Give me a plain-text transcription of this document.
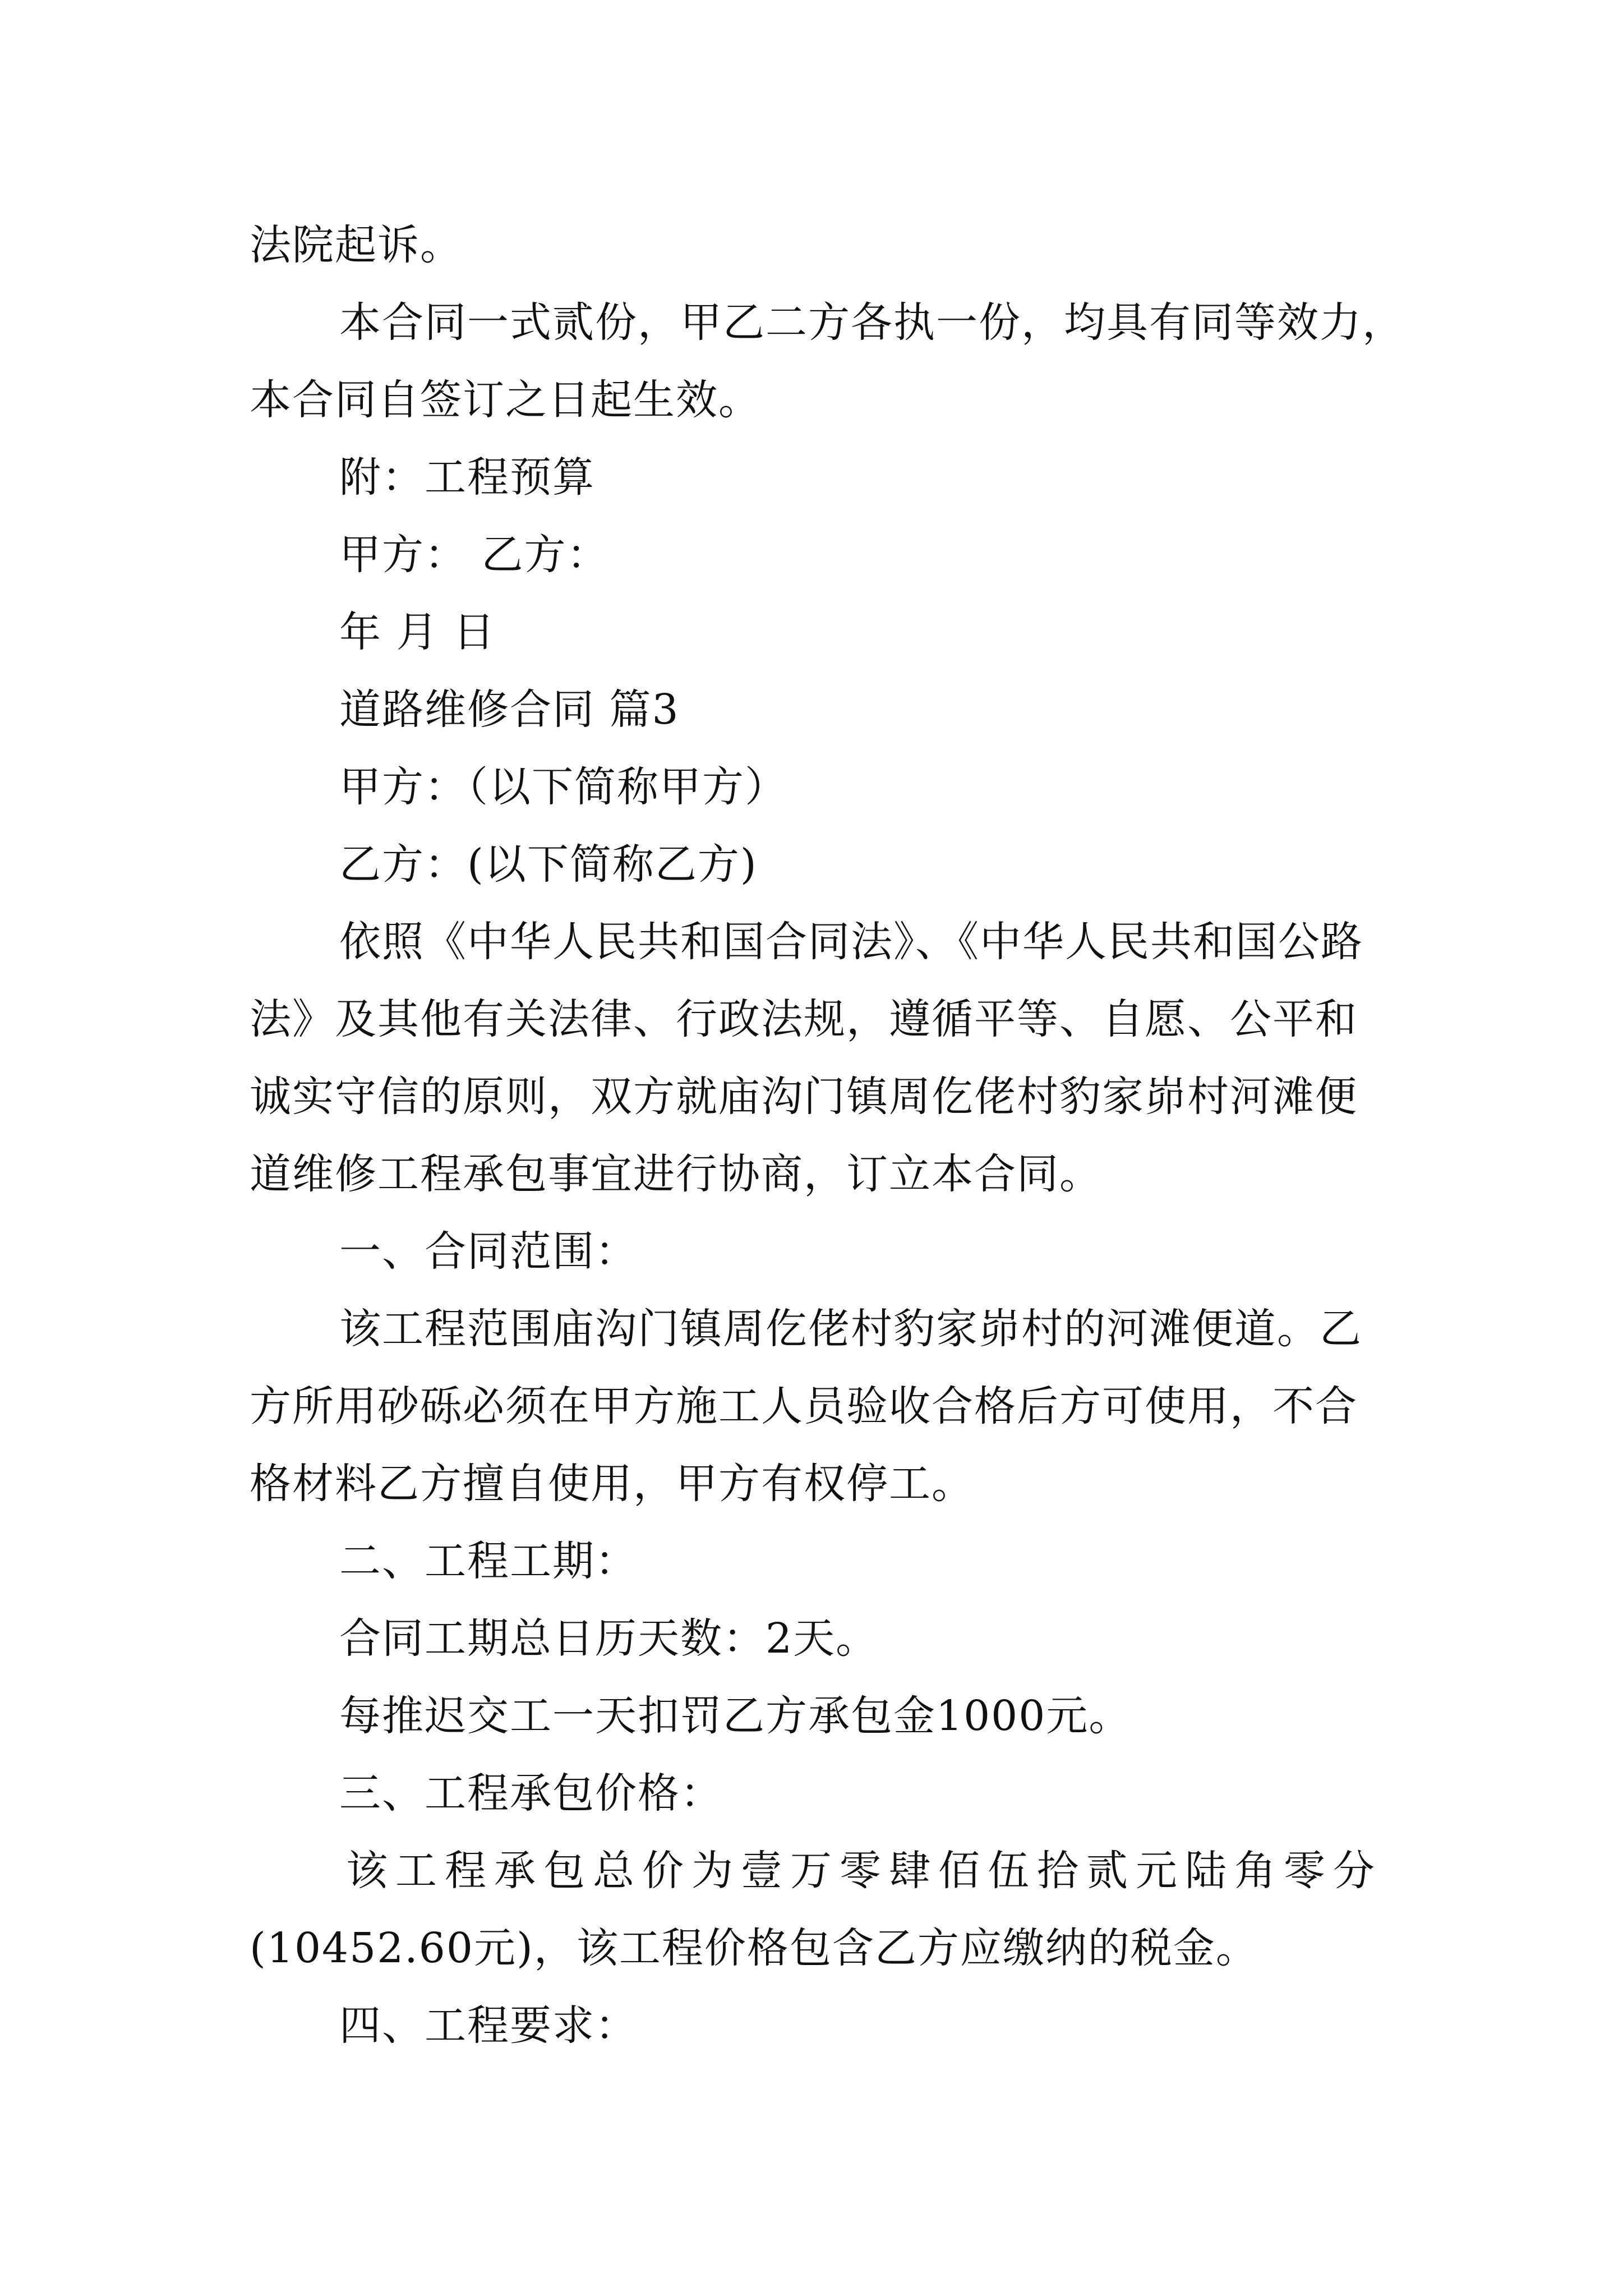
法院起诉。
本合同一式贰份，甲乙二方各执一份，均具有同等效力，
本合同自签订之日起生效。
附：工程预算
甲方： 乙方：
年 月 日
道路维修合同 篇3
甲方：（以下简称甲方）
乙方：(以下简称乙方)
依照《中华人民共和国合同法》、《中华人民共和国公路
法》及其他有关法律、行政法规，遵循平等、自愿、公平和
诚实守信的原则，双方就庙沟门镇周仡佬村豹家峁村河滩便
道维修工程承包事宜进行协商，订立本合同。
一、合同范围：
该工程范围庙沟门镇周仡佬村豹家峁村的河滩便道。乙
方所用砂砾必须在甲方施工人员验收合格后方可使用，不合
格材料乙方擅自使用，甲方有权停工。
二、工程工期：
合同工期总日历天数：2天。
每推迟交工一天扣罚乙方承包金1000元。
三、工程承包价格：
该工程承包总价为壹万零肆佰伍拾贰元陆角零分
(10452.60元)，该工程价格包含乙方应缴纳的税金。
四、工程要求：
